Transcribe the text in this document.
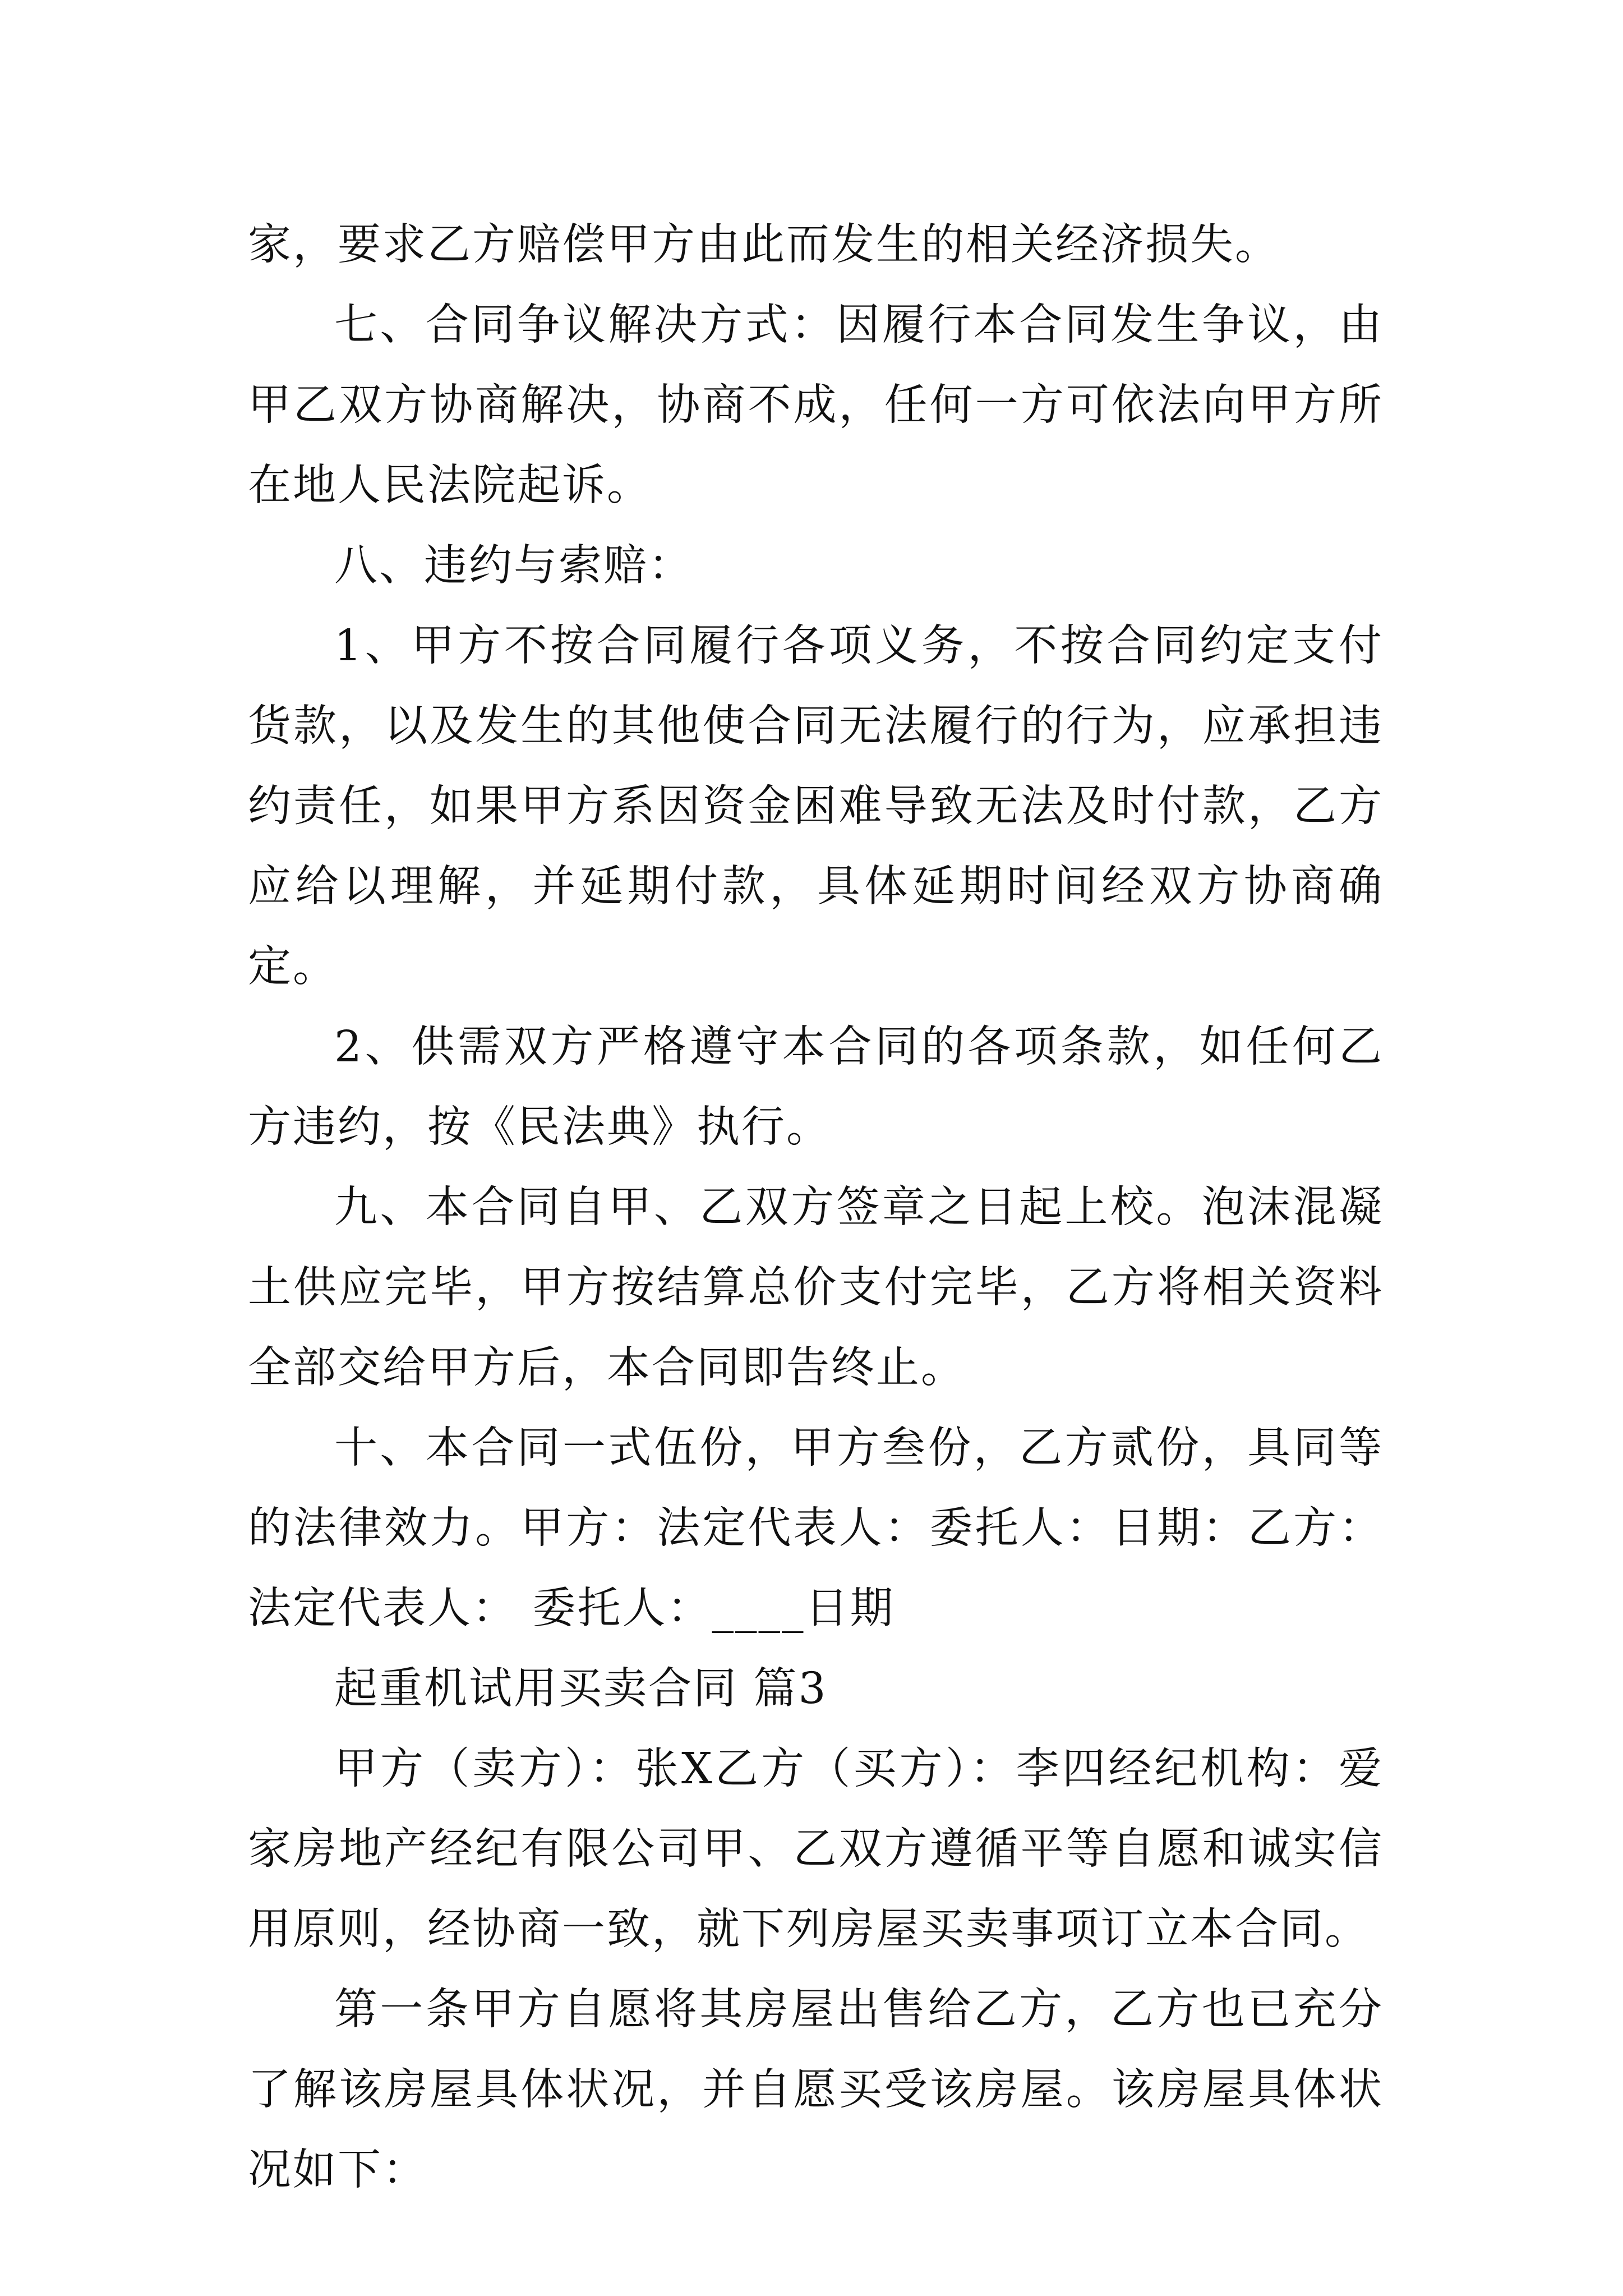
家，要求乙方赔偿甲方由此而发生的相关经济损失。

七、合同争议解决方式：因履行本合同发生争议，由甲乙双方协商解决，协商不成，任何一方可依法向甲方所在地人民法院起诉。

八、违约与索赔：

1、甲方不按合同履行各项义务，不按合同约定支付货款，以及发生的其他使合同无法履行的行为，应承担违约责任，如果甲方系因资金困难导致无法及时付款，乙方应给以理解，并延期付款，具体延期时间经双方协商确定。

2、供需双方严格遵守本合同的各项条款，如任何乙方违约，按《民法典》执行。

九、本合同自甲、乙双方签章之日起上校。泡沫混凝土供应完毕，甲方按结算总价支付完毕，乙方将相关资料全部交给甲方后，本合同即告终止。

十、本合同一式伍份，甲方叁份，乙方贰份，具同等的法律效力。甲方：法定代表人：委托人：日期：乙方： 法定代表人： 委托人：____日期

起重机试用买卖合同 篇3

甲方（卖方）：张X乙方（买方）：李四经纪机构：爱家房地产经纪有限公司甲、乙双方遵循平等自愿和诚实信用原则，经协商一致，就下列房屋买卖事项订立本合同。

第一条甲方自愿将其房屋出售给乙方，乙方也已充分了解该房屋具体状况，并自愿买受该房屋。该房屋具体状况如下：
